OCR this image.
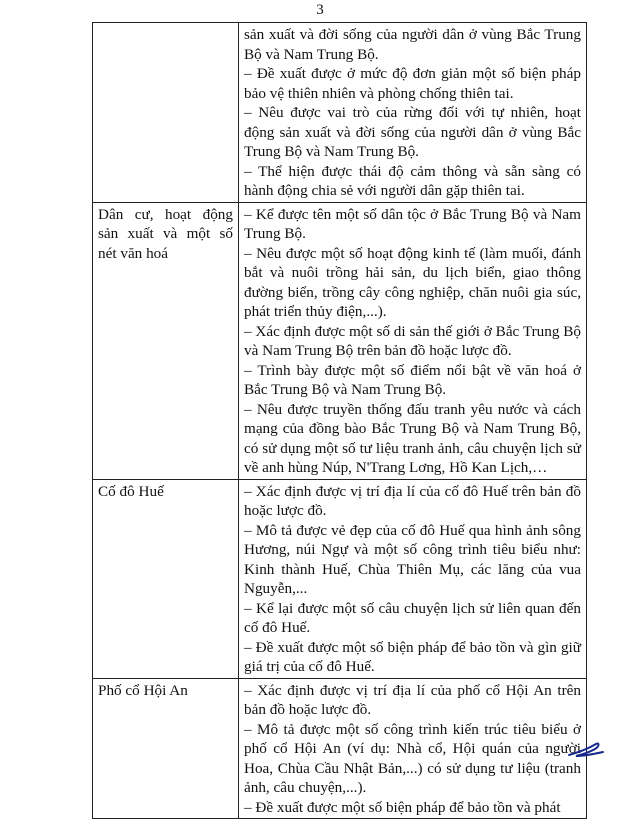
3

	sản xuất và đời sống của người dân ở vùng Bắc Trung Bộ và Nam Trung Bộ.

– Đề xuất được ở mức độ đơn giản một số biện pháp bảo vệ thiên nhiên và phòng chống thiên tai.

– Nêu được vai trò của rừng đối với tự nhiên, hoạt động sản xuất và đời sống của người dân ở vùng Bắc Trung Bộ và Nam Trung Bộ.

– Thể hiện được thái độ cảm thông và sẵn sàng có hành động chia sẻ với người dân gặp thiên tai.

Dân cư, hoạt động sản xuất và một số nét văn hoá	– Kể được tên một số dân tộc ở Bắc Trung Bộ và Nam Trung Bộ.

– Nêu được một số hoạt động kinh tế (làm muối, đánh bắt và nuôi trồng hải sản, du lịch biển, giao thông đường biển, trồng cây công nghiệp, chăn nuôi gia súc, phát triển thủy điện,...).

– Xác định được một số di sản thế giới ở Bắc Trung Bộ và Nam Trung Bộ trên bản đồ hoặc lược đồ.

– Trình bày được một số điểm nổi bật về văn hoá ở Bắc Trung Bộ và Nam Trung Bộ.

– Nêu được truyền thống đấu tranh yêu nước và cách mạng của đồng bào Bắc Trung Bộ và Nam Trung Bộ, có sử dụng một số tư liệu tranh ảnh, câu chuyện lịch sử về anh hùng Núp, N'Trang Lơng, Hồ Kan Lịch,…

Cố đô Huế	– Xác định được vị trí địa lí của cố đô Huế trên bản đồ hoặc lược đồ.

– Mô tả được vẻ đẹp của cố đô Huế qua hình ảnh sông Hương, núi Ngự và một số công trình tiêu biểu như: Kinh thành Huế, Chùa Thiên Mụ, các lăng của vua Nguyễn,...

– Kể lại được một số câu chuyện lịch sử liên quan đến cố đô Huế.

– Đề xuất được một số biện pháp để bảo tồn và gìn giữ giá trị của cố đô Huế.

Phố cổ Hội An	– Xác định được vị trí địa lí của phố cổ Hội An trên bản đồ hoặc lược đồ.

– Mô tả được một số công trình kiến trúc tiêu biểu ở phố cổ Hội An (ví dụ: Nhà cổ, Hội quán của người Hoa, Chùa Cầu Nhật Bản,...) có sử dụng tư liệu (tranh ảnh, câu chuyện,...).

– Đề xuất được một số biện pháp để bảo tồn và phát
